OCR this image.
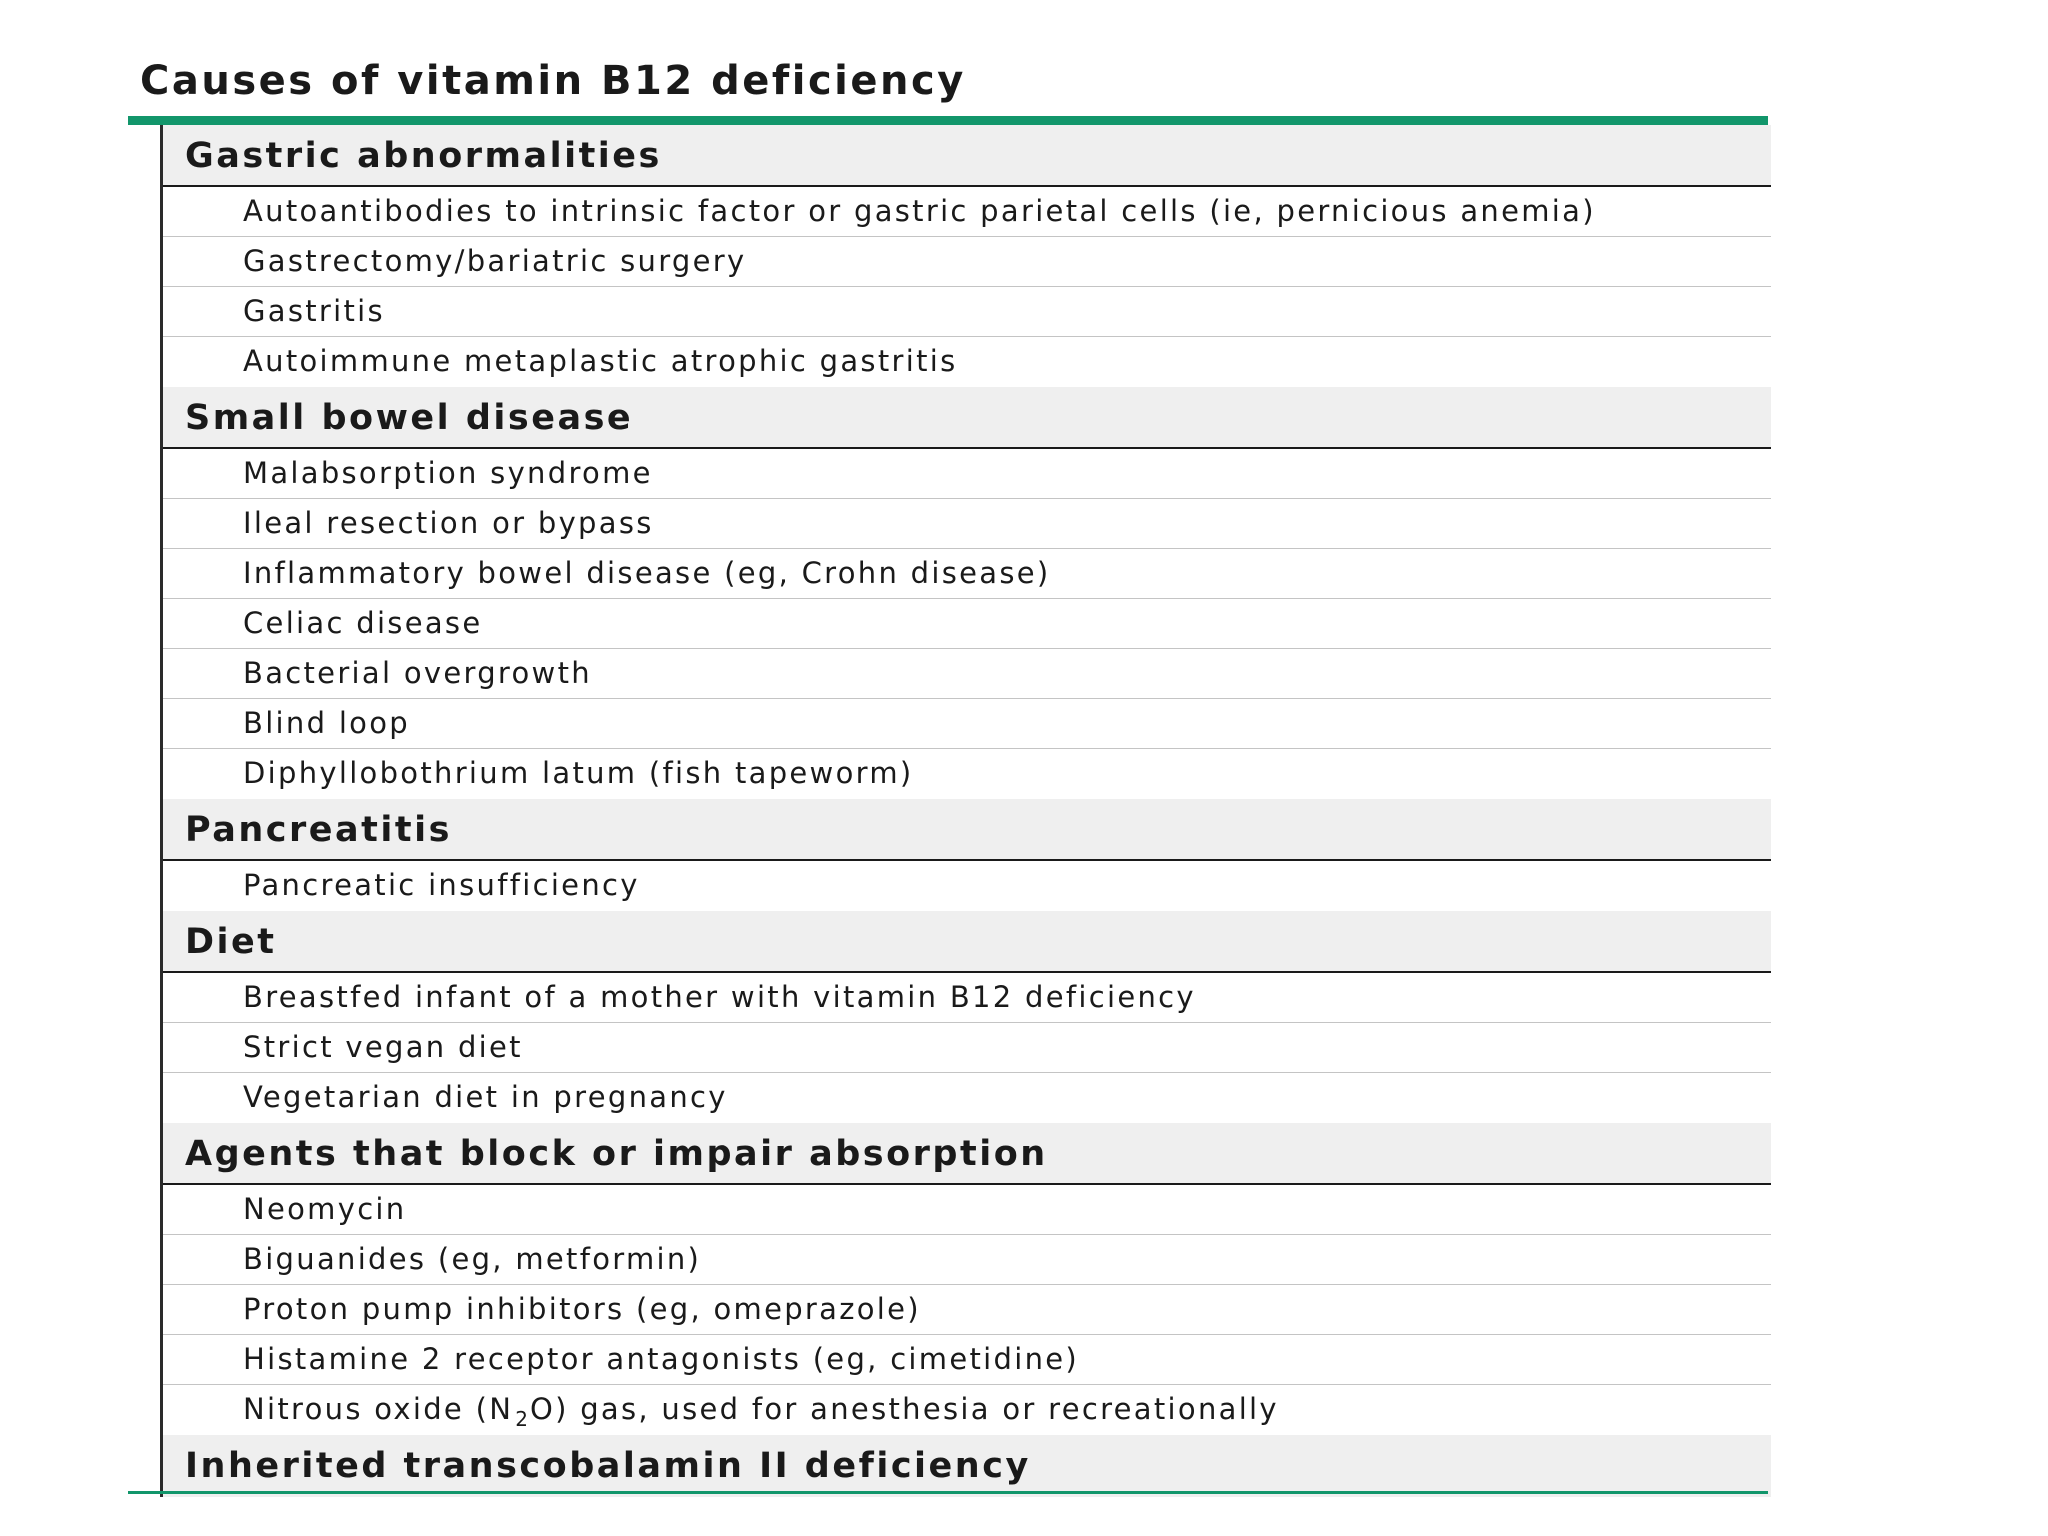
Causes of vitamin B12 deficiency
Gastric abnormalities
Autoantibodies to intrinsic factor or gastric parietal cells (ie, pernicious anemia)
Gastrectomy/bariatric surgery
Gastritis
Autoimmune metaplastic atrophic gastritis
Small bowel disease
Malabsorption syndrome
Ileal resection or bypass
Inflammatory bowel disease (eg, Crohn disease)
Celiac disease
Bacterial overgrowth
Blind loop
Diphyllobothrium latum (fish tapeworm)
Pancreatitis
Pancreatic insufficiency
Diet
Breastfed infant of a mother with vitamin B12 deficiency
Strict vegan diet
Vegetarian diet in pregnancy
Agents that block or impair absorption
Neomycin
Biguanides (eg, metformin)
Proton pump inhibitors (eg, omeprazole)
Histamine 2 receptor antagonists (eg, cimetidine)
Nitrous oxide (N $_2$O) gas, used for anesthesia or recreationally
Inherited transcobalamin II deficiency
